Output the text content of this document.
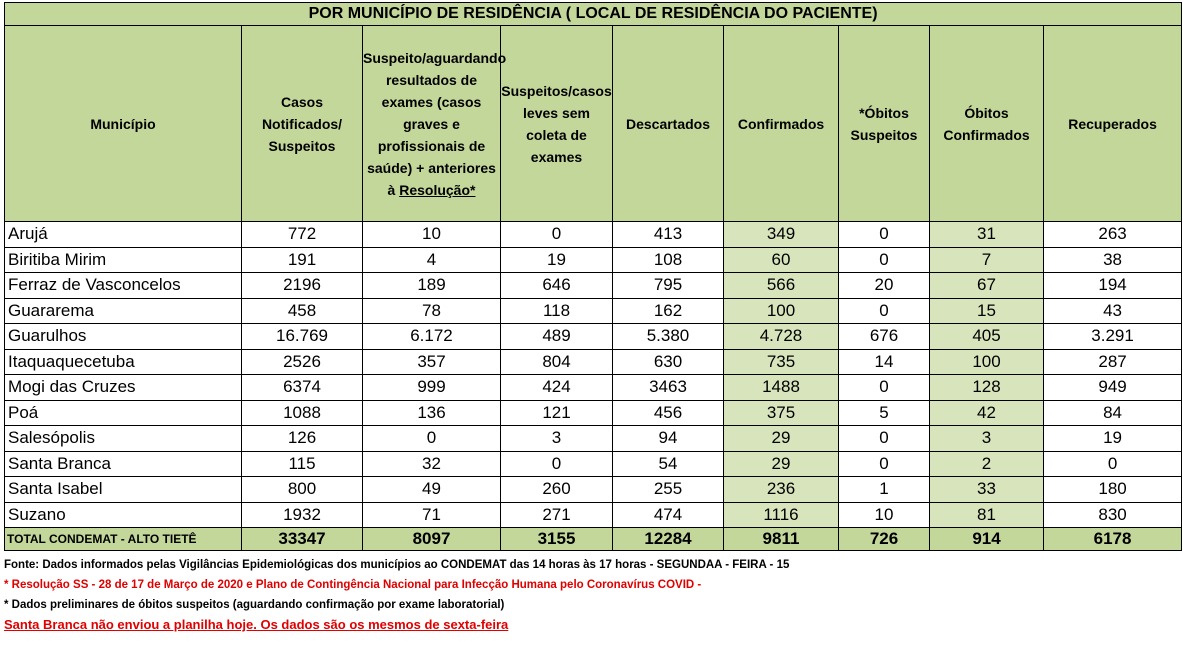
POR MUNICÍPIO DE RESIDÊNCIA ( LOCAL DE RESIDÊNCIA DO PACIENTE)								
Município	Casos Notificados/ Suspeitos	Suspeito/aguardando resultados de exames (casos graves e profissionais de saúde) + anteriores à Resolução*	Suspeitos/casos leves sem coleta de exames	Descartados	Confirmados	*Óbitos Suspeitos	Óbitos Confirmados	Recuperados
Arujá	772	10	0	413	349	0	31	263
Biritiba Mirim	191	4	19	108	60	0	7	38
Ferraz de Vasconcelos	2196	189	646	795	566	20	67	194
Guararema	458	78	118	162	100	0	15	43
Guarulhos	16.769	6.172	489	5.380	4.728	676	405	3.291
Itaquaquecetuba	2526	357	804	630	735	14	100	287
Mogi das Cruzes	6374	999	424	3463	1488	0	128	949
Poá	1088	136	121	456	375	5	42	84
Salesópolis	126	0	3	94	29	0	3	19
Santa Branca	115	32	0	54	29	0	2	0
Santa Isabel	800	49	260	255	236	1	33	180
Suzano	1932	71	271	474	1116	10	81	830
TOTAL CONDEMAT - ALTO TIETÊ	33347	8097	3155	12284	9811	726	914	6178
Fonte: Dados informados pelas Vigilâncias Epidemiológicas dos municípios ao CONDEMAT das 14 horas às 17 horas - SEGUNDAA - FEIRA - 15
* Resolução SS - 28 de 17 de Março de 2020 e Plano de Contingência Nacional para Infecção Humana pelo Coronavírus COVID -
* Dados preliminares de óbitos suspeitos (aguardando confirmação por exame laboratorial)
Santa Branca não enviou a planilha hoje. Os dados são os mesmos de sexta-feira
